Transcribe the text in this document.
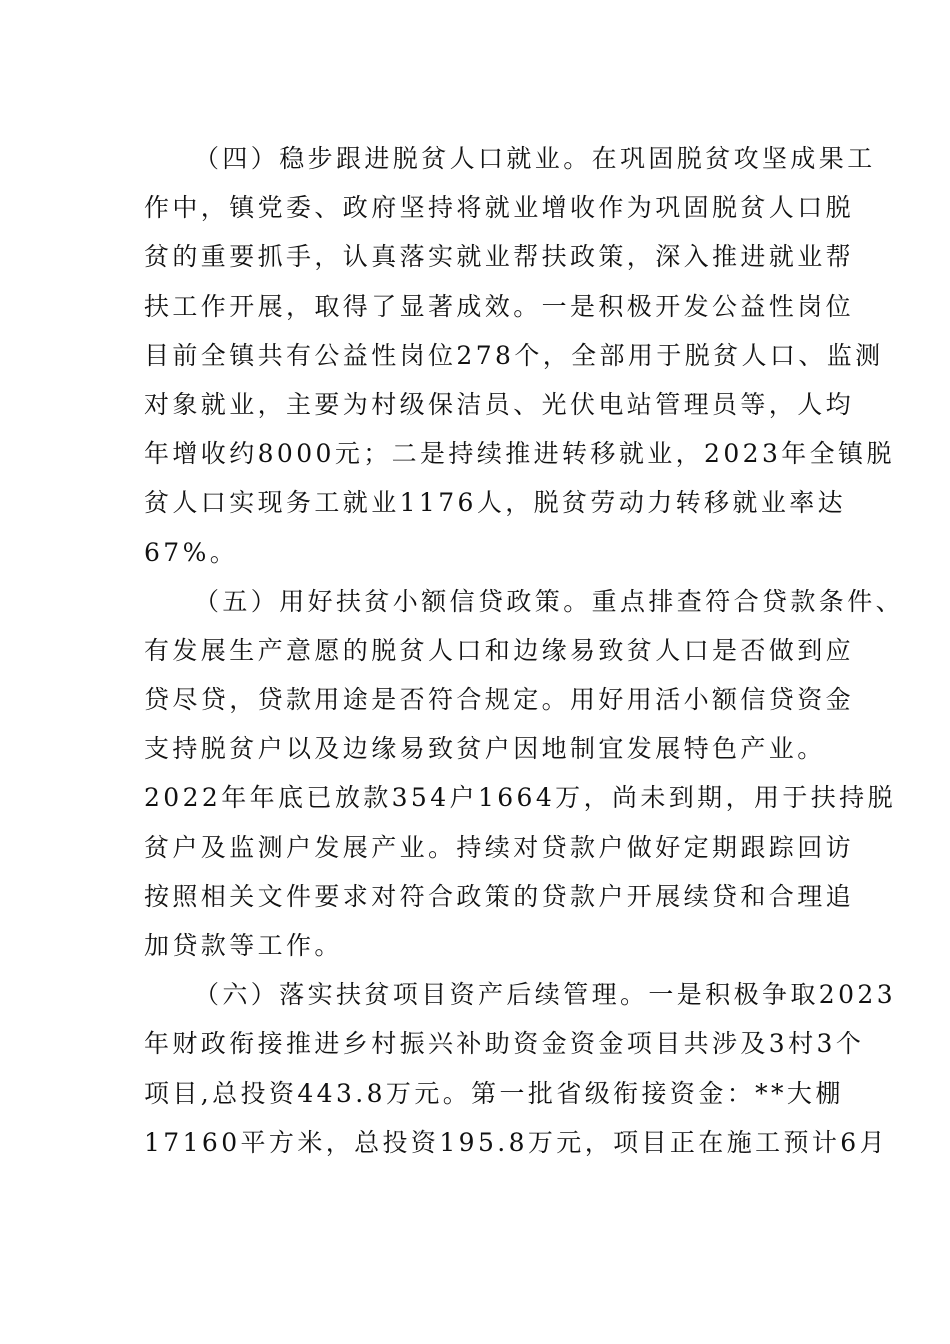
（四）稳步跟进脱贫人口就业。在巩固脱贫攻坚成果工
作中，镇党委、政府坚持将就业增收作为巩固脱贫人口脱
贫的重要抓手，认真落实就业帮扶政策，深入推进就业帮
扶工作开展，取得了显著成效。一是积极开发公益性岗位
目前全镇共有公益性岗位278个，全部用于脱贫人口、监测
对象就业，主要为村级保洁员、光伏电站管理员等，人均
年增收约8000元；二是持续推进转移就业，2023年全镇脱
贫人口实现务工就业1176人，脱贫劳动力转移就业率达
67%。
（五）用好扶贫小额信贷政策。重点排查符合贷款条件、
有发展生产意愿的脱贫人口和边缘易致贫人口是否做到应
贷尽贷，贷款用途是否符合规定。用好用活小额信贷资金
支持脱贫户以及边缘易致贫户因地制宜发展特色产业。
2022年年底已放款354户1664万，尚未到期，用于扶持脱
贫户及监测户发展产业。持续对贷款户做好定期跟踪回访
按照相关文件要求对符合政策的贷款户开展续贷和合理追
加贷款等工作。
（六）落实扶贫项目资产后续管理。一是积极争取2023
年财政衔接推进乡村振兴补助资金资金项目共涉及3村3个
项目,总投资443.8万元。第一批省级衔接资金：**大棚
17160平方米，总投资195.8万元，项目正在施工预计6月
